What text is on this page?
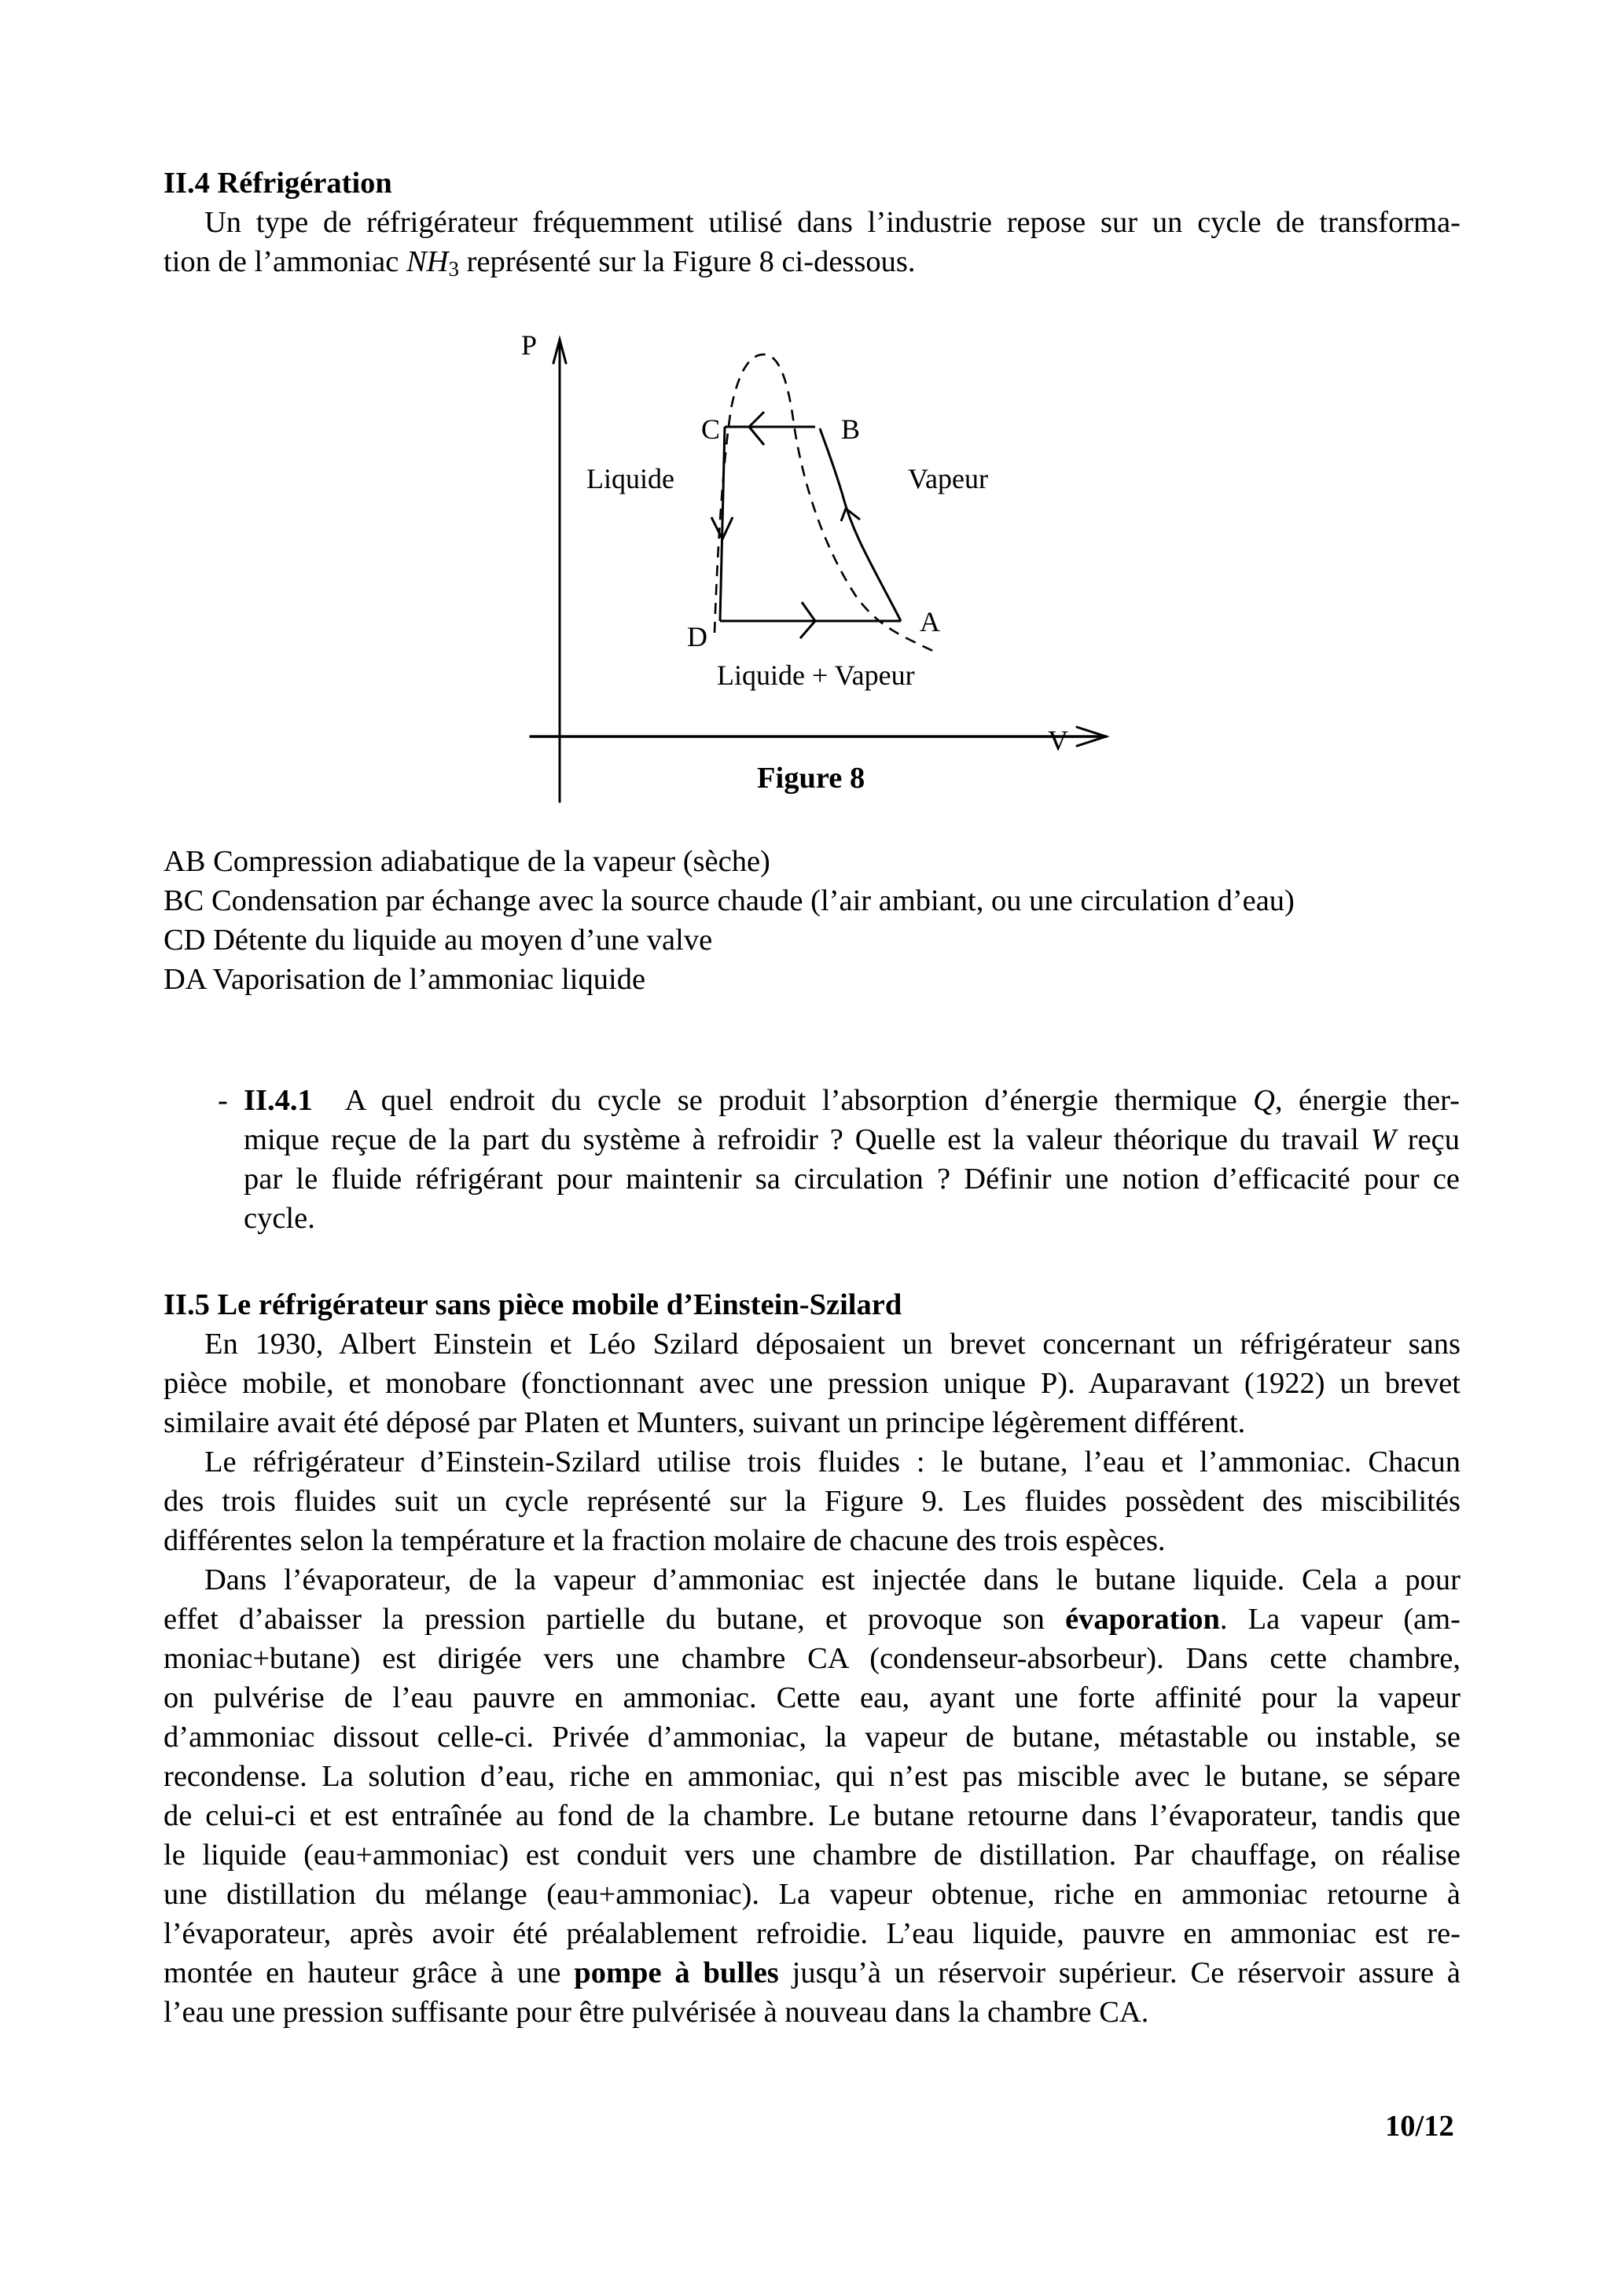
II.4 Réfrigération
Un type de réfrigérateur fréquemment utilisé dans l’industrie repose sur un cycle de transforma-
tion de l’ammoniac $NH_3$ représenté sur la Figure 8 ci-dessous.
P
V
C	B
A
D
Liquide	Vapeur
Liquide + Vapeur
Figure 8
AB Compression adiabatique de la vapeur (sèche)
BC Condensation par échange avec la source chaude (l’air ambiant, ou une circulation d’eau)
CD Détente du liquide au moyen d’une valve
DA Vaporisation de l’ammoniac liquide
- II.4.1 A quel endroit du cycle se produit l’absorption d’énergie thermique Q, énergie ther-
mique reçue de la part du système à refroidir ? Quelle est la valeur théorique du travail W reçu
par le fluide réfrigérant pour maintenir sa circulation ? Définir une notion d’efficacité pour ce
cycle.
II.5 Le réfrigérateur sans pièce mobile d’Einstein-Szilard
En 1930, Albert Einstein et Léo Szilard déposaient un brevet concernant un réfrigérateur sans
pièce mobile, et monobare (fonctionnant avec une pression unique P). Auparavant (1922) un brevet
similaire avait été déposé par Platen et Munters, suivant un principe légèrement différent.
Le réfrigérateur d’Einstein-Szilard utilise trois fluides : le butane, l’eau et l’ammoniac. Chacun
des trois fluides suit un cycle représenté sur la Figure 9. Les fluides possèdent des miscibilités
différentes selon la température et la fraction molaire de chacune des trois espèces.
Dans l’évaporateur, de la vapeur d’ammoniac est injectée dans le butane liquide. Cela a pour
effet d’abaisser la pression partielle du butane, et provoque son évaporation. La vapeur (am-
moniac+butane) est dirigée vers une chambre CA (condenseur-absorbeur). Dans cette chambre,
on pulvérise de l’eau pauvre en ammoniac. Cette eau, ayant une forte affinité pour la vapeur
d’ammoniac dissout celle-ci. Privée d’ammoniac, la vapeur de butane, métastable ou instable, se
recondense. La solution d’eau, riche en ammoniac, qui n’est pas miscible avec le butane, se sépare
de celui-ci et est entraînée au fond de la chambre. Le butane retourne dans l’évaporateur, tandis que
le liquide (eau+ammoniac) est conduit vers une chambre de distillation. Par chauffage, on réalise
une distillation du mélange (eau+ammoniac). La vapeur obtenue, riche en ammoniac retourne à
l’évaporateur, après avoir été préalablement refroidie. L’eau liquide, pauvre en ammoniac est re-
montée en hauteur grâce à une pompe à bulles jusqu’à un réservoir supérieur. Ce réservoir assure à
l’eau une pression suffisante pour être pulvérisée à nouveau dans la chambre CA.
10/12
